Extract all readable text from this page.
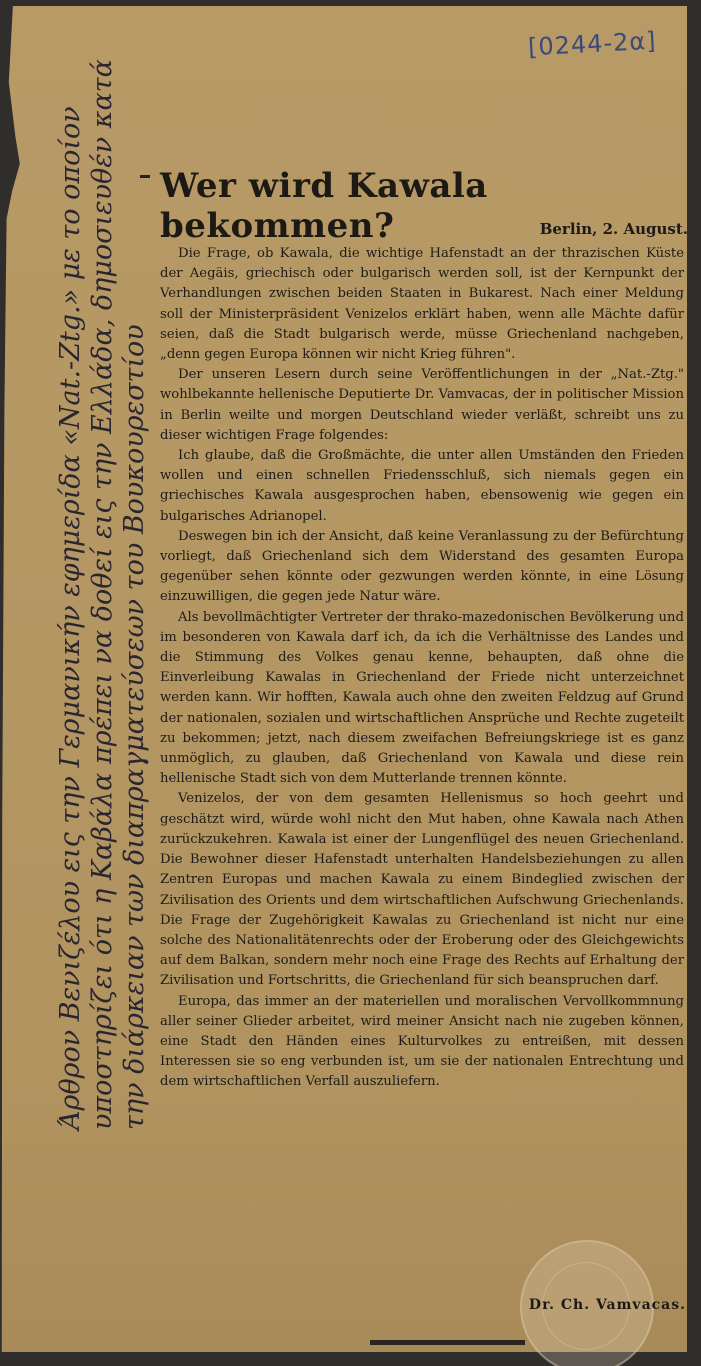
[0244-2α]
Άρθρον Βενιζέλου εις την Γερμανικήν εφημερίδα «Nat.-Ztg.» με το οποίον υποστηρίζει ότι η Καβάλα πρέπει να δοθεί εις την Ελλάδα, δημοσιευθέν κατά την διάρκειαν των διαπραγματεύσεων του Βουκουρεστίου
Wer wird Kawala bekommen?	Berlin, 2. August.

Die Frage, ob Kawala, die wichtige Hafenstadt an der thrazischen Küste der Aegäis, griechisch oder bulgarisch werden soll, ist der Kernpunkt der Verhandlungen zwischen beiden Staaten in Bukarest. Nach einer Meldung soll der Ministerpräsident Venizelos erklärt haben, wenn alle Mächte dafür seien, daß die Stadt bulgarisch werde, müsse Griechenland nachgeben, „denn gegen Europa können wir nicht Krieg führen".

Der unseren Lesern durch seine Veröffentlichungen in der „Nat.-Ztg." wohlbekannte hellenische Deputierte Dr. Vamvacas, der in politischer Mission in Berlin weilte und morgen Deutschland wieder verläßt, schreibt uns zu dieser wichtigen Frage folgendes:

Ich glaube, daß die Großmächte, die unter allen Umständen den Frieden wollen und einen schnellen Friedensschluß, sich niemals gegen ein griechisches Kawala ausgesprochen haben, ebensowenig wie gegen ein bulgarisches Adrianopel.

Deswegen bin ich der Ansicht, daß keine Veranlassung zu der Befürchtung vorliegt, daß Griechenland sich dem Widerstand des gesamten Europa gegenüber sehen könnte oder gezwungen werden könnte, in eine Lösung einzuwilligen, die gegen jede Natur wäre.

Als bevollmächtigter Vertreter der thrako-mazedonischen Bevölkerung und im besonderen von Kawala darf ich, da ich die Verhältnisse des Landes und die Stimmung des Volkes genau kenne, behaupten, daß ohne die Einverleibung Kawalas in Griechenland der Friede nicht unterzeichnet werden kann. Wir hofften, Kawala auch ohne den zweiten Feldzug auf Grund der nationalen, sozialen und wirtschaftlichen Ansprüche und Rechte zugeteilt zu bekommen; jetzt, nach diesem zweifachen Befreiungskriege ist es ganz unmöglich, zu glauben, daß Griechenland von Kawala und diese rein hellenische Stadt sich von dem Mutterlande trennen könnte.

Venizelos, der von dem gesamten Hellenismus so hoch geehrt und geschätzt wird, würde wohl nicht den Mut haben, ohne Kawala nach Athen zurückzukehren. Kawala ist einer der Lungenflügel des neuen Griechenland. Die Bewohner dieser Hafenstadt unterhalten Handelsbeziehungen zu allen Zentren Europas und machen Kawala zu einem Bindeglied zwischen der Zivilisation des Orients und dem wirtschaftlichen Aufschwung Griechenlands. Die Frage der Zugehörigkeit Kawalas zu Griechenland ist nicht nur eine solche des Nationalitätenrechts oder der Eroberung oder des Gleichgewichts auf dem Balkan, sondern mehr noch eine Frage des Rechts auf Erhaltung der Zivilisation und Fortschritts, die Griechenland für sich beanspruchen darf.

Europa, das immer an der materiellen und moralischen Vervollkommnung aller seiner Glieder arbeitet, wird meiner Ansicht nach nie zugeben können, eine Stadt den Händen eines Kulturvolkes zu entreißen, mit dessen Interessen sie so eng verbunden ist, um sie der nationalen Entrechtung und dem wirtschaftlichen Verfall auszuliefern.

Dr. Ch. Vamvacas.
